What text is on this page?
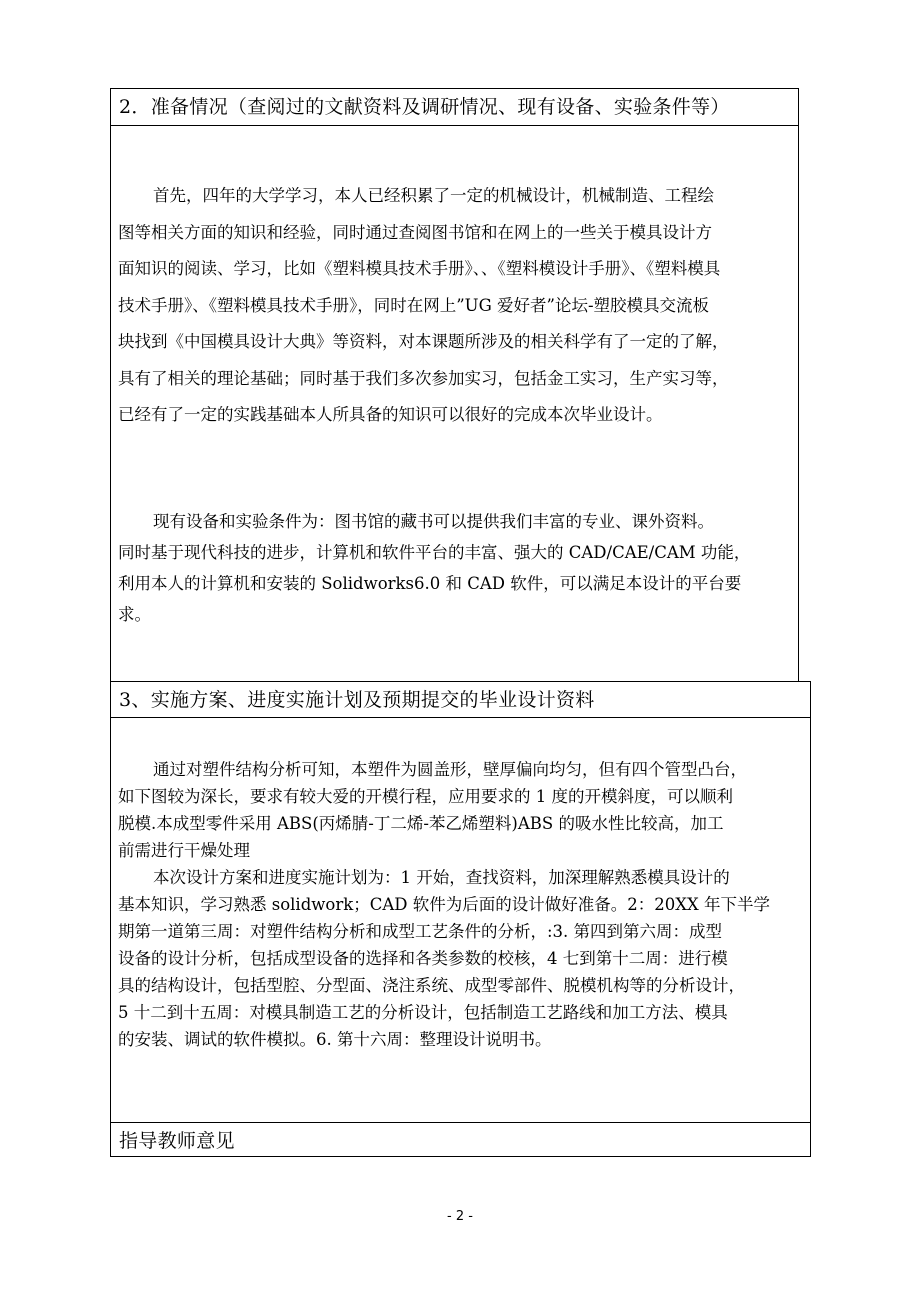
2．准备情况（查阅过的文献资料及调研情况、现有设备、实验条件等）
首先，四年的大学学习，本人已经积累了一定的机械设计，机械制造、工程绘
图等相关方面的知识和经验，同时通过查阅图书馆和在网上的一些关于模具设计方
面知识的阅读、学习，比如《塑料模具技术手册》、、《塑料模设计手册》、《塑料模具
技术手册》、《塑料模具技术手册》，同时在网上”UG 爱好者”论坛-塑胶模具交流板
块找到《中国模具设计大典》等资料，对本课题所涉及的相关科学有了一定的了解，
具有了相关的理论基础；同时基于我们多次参加实习，包括金工实习，生产实习等，
已经有了一定的实践基础本人所具备的知识可以很好的完成本次毕业设计。
现有设备和实验条件为：图书馆的藏书可以提供我们丰富的专业、课外资料。
同时基于现代科技的进步，计算机和软件平台的丰富、强大的 CAD/CAE/CAM 功能，
利用本人的计算机和安装的 Solidworks6.0 和 CAD 软件，可以满足本设计的平台要
求。
3、实施方案、进度实施计划及预期提交的毕业设计资料
通过对塑件结构分析可知，本塑件为圆盖形，壁厚偏向均匀，但有四个管型凸台，
如下图较为深长，要求有较大爱的开模行程，应用要求的 1 度的开模斜度，可以顺利
脱模.本成型零件采用 ABS(丙烯腈-丁二烯-苯乙烯塑料)ABS 的吸水性比较高，加工
前需进行干燥处理
本次设计方案和进度实施计划为：1 开始，查找资料，加深理解熟悉模具设计的
基本知识，学习熟悉 solidwork；CAD 软件为后面的设计做好准备。2：20XX 年下半学
期第一道第三周：对塑件结构分析和成型工艺条件的分析，:3. 第四到第六周：成型
设备的设计分析，包括成型设备的选择和各类参数的校核，4 七到第十二周：进行模
具的结构设计，包括型腔、分型面、浇注系统、成型零部件、脱模机构等的分析设计，
5 十二到十五周：对模具制造工艺的分析设计，包括制造工艺路线和加工方法、模具
的安装、调试的软件模拟。6. 第十六周：整理设计说明书。
指导教师意见
- 2 -
